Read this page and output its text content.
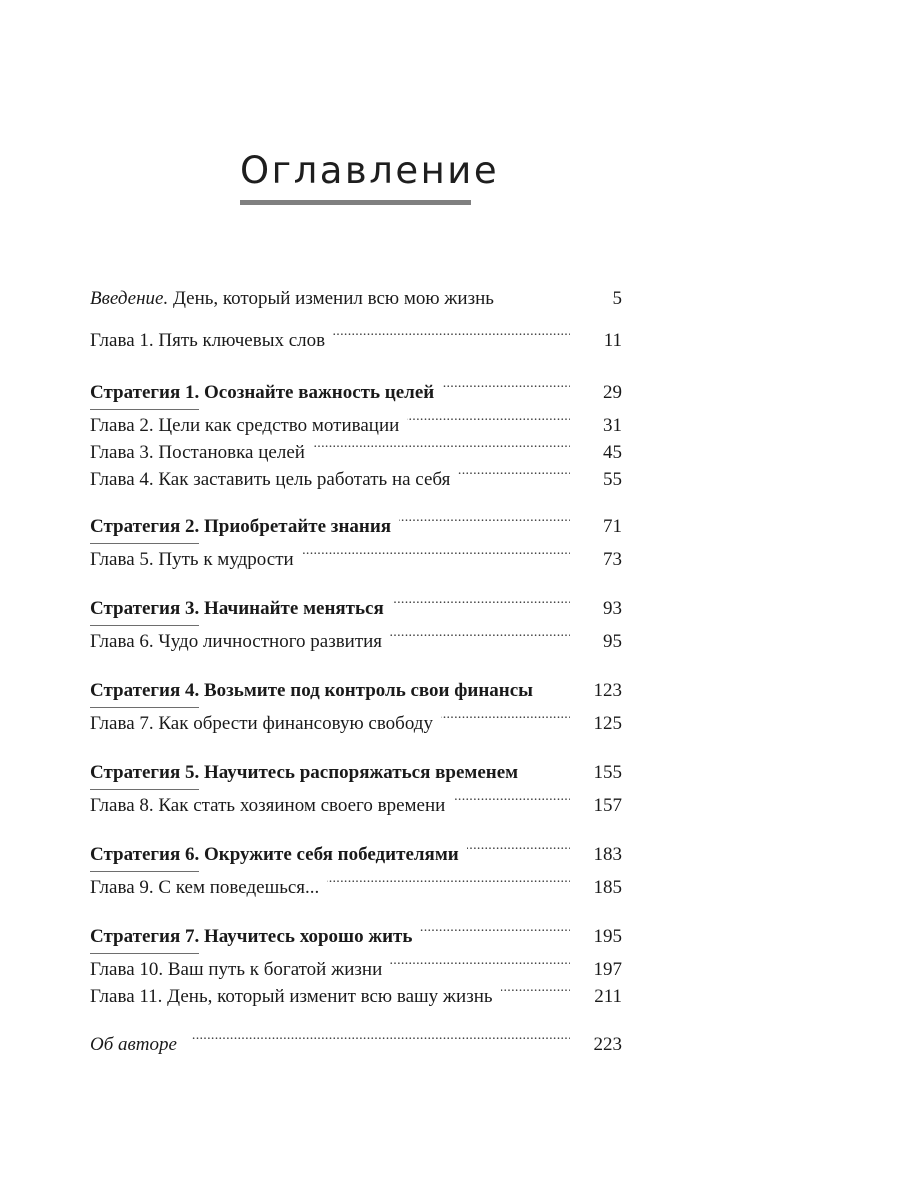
Оглавление
Введение. День, который изменил всю мою жизнь	5
Глава 1. Пять ключевых слов . . .	11
Стратегия 1. Осознайте важность целей . . .	29
Глава 2. Цели как средство мотивации . . .	31
Глава 3. Постановка целей . . .	45
Глава 4. Как заставить цель работать на себя . . .	55
Стратегия 2. Приобретайте знания . . .	71
Глава 5. Путь к мудрости . . .	73
Стратегия 3. Начинайте меняться . . .	93
Глава 6. Чудо личностного развития . . .	95
Стратегия 4. Возьмите под контроль свои финансы	123
Глава 7. Как обрести финансовую свободу . . .	125
Стратегия 5. Научитесь распоряжаться временем	155
Глава 8. Как стать хозяином своего времени . . .	157
Стратегия 6. Окружите себя победителями . . .	183
Глава 9. С кем поведешься... . . .	185
Стратегия 7. Научитесь хорошо жить . . .	195
Глава 10. Ваш путь к богатой жизни . . .	197
Глава 11. День, который изменит всю вашу жизнь . . .	211
Об авторе . . .	223
